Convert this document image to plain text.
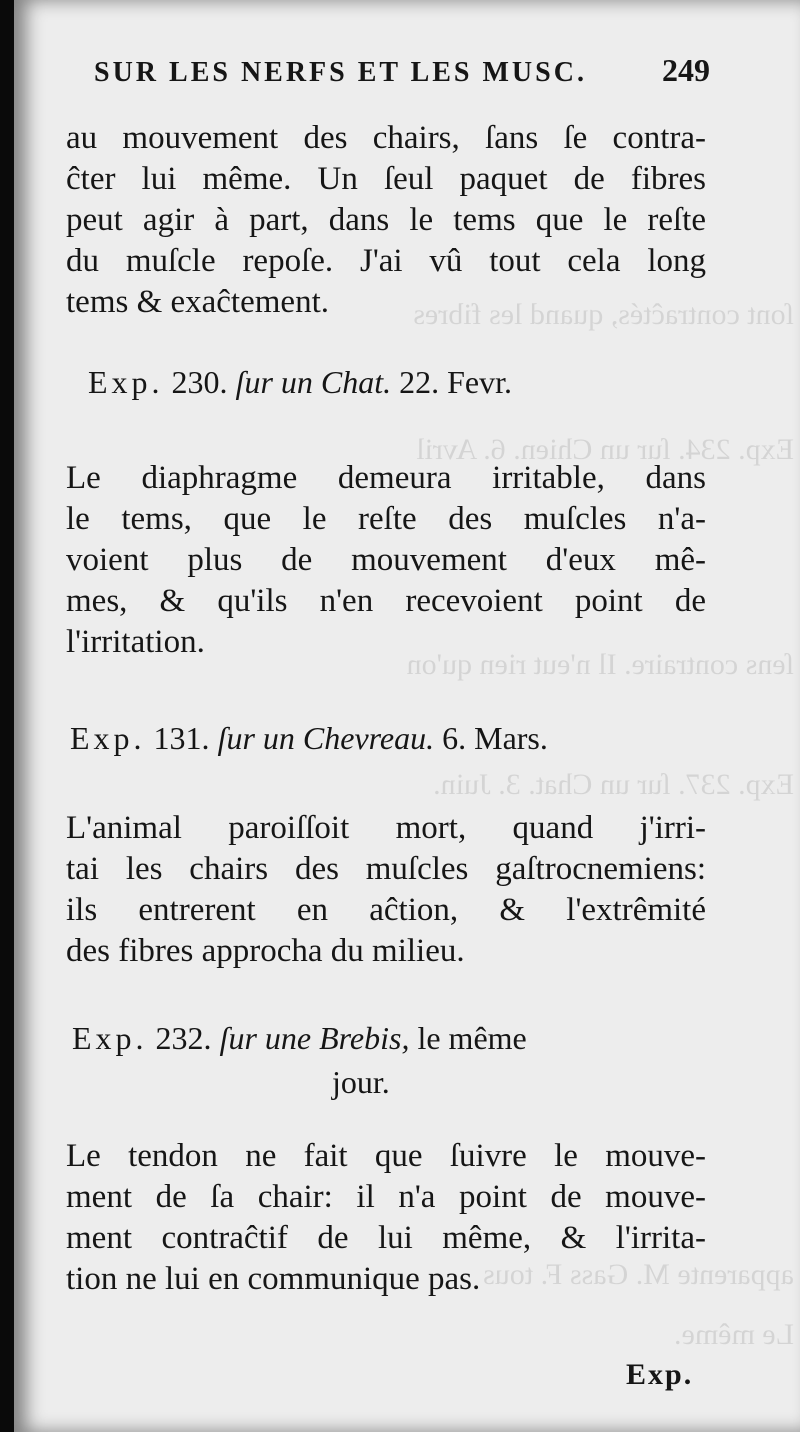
ſont contraĉtés, quand les fibres
Exp. 234. ſur un Chien. 6. Avril
ſens contraire. Il n'eut rien qu'on
Exp. 237. ſur un Chat. 3. Juin.
apparente M. Gass F. tous
Le même.
SUR LES NERFS ET LES MUSC. 249
au mouvement des chairs, ſans ſe contra-
ĉter lui même. Un ſeul paquet de fibres
peut agir à part, dans le tems que le reſte
du muſcle repoſe. J'ai vû tout cela long
tems & exaĉtement.
Exp. 230. ſur un Chat. 22. Fevr.
Le diaphragme demeura irritable, dans
le tems, que le reſte des muſcles n'a-
voient plus de mouvement d'eux mê-
mes, & qu'ils n'en recevoient point de
l'irritation.
Exp. 131. ſur un Chevreau. 6. Mars.
L'animal paroiſſoit mort, quand j'irri-
tai les chairs des muſcles gaſtrocnemiens:
ils entrerent en aĉtion, & l'extrêmité
des fibres approcha du milieu.
Exp. 232. ſur une Brebis, le même
jour.
Le tendon ne fait que ſuivre le mouve-
ment de ſa chair: il n'a point de mouve-
ment contraĉtif de lui même, & l'irrita-
tion ne lui en communique pas.
Exp.
